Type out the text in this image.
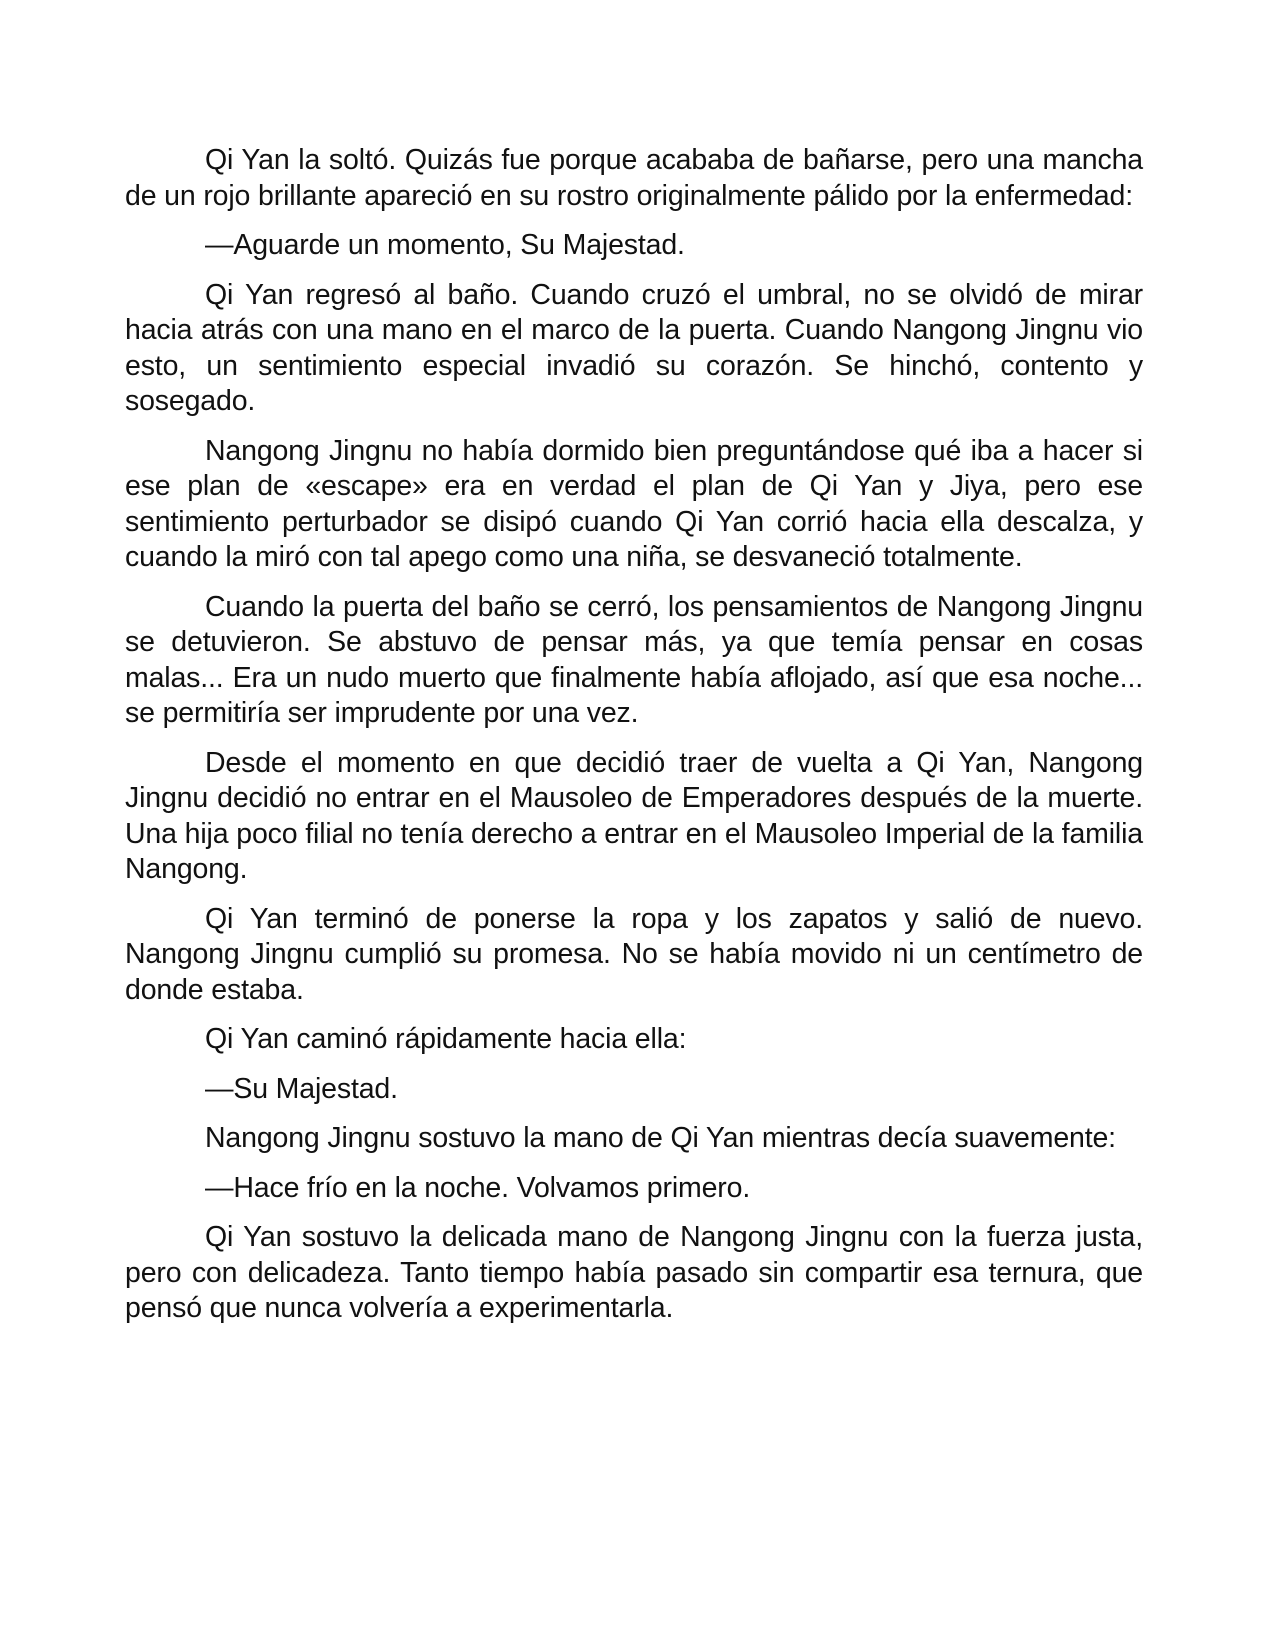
Qi Yan la soltó. Quizás fue porque acababa de bañarse, pero una mancha de un rojo brillante apareció en su rostro originalmente pálido por la enfermedad:

—Aguarde un momento, Su Majestad.

Qi Yan regresó al baño. Cuando cruzó el umbral, no se olvidó de mirar hacia atrás con una mano en el marco de la puerta. Cuando Nangong Jingnu vio esto, un sentimiento especial invadió su corazón. Se hinchó, contento y sosegado.

Nangong Jingnu no había dormido bien preguntándose qué iba a hacer si ese plan de «escape» era en verdad el plan de Qi Yan y Jiya, pero ese sentimiento perturbador se disipó cuando Qi Yan corrió hacia ella descalza, y cuando la miró con tal apego como una niña, se desvaneció totalmente.

Cuando la puerta del baño se cerró, los pensamientos de Nangong Jingnu se detuvieron. Se abstuvo de pensar más, ya que temía pensar en cosas malas... Era un nudo muerto que finalmente había aflojado, así que esa noche... se permitiría ser imprudente por una vez.

Desde el momento en que decidió traer de vuelta a Qi Yan, Nangong Jingnu decidió no entrar en el Mausoleo de Emperadores después de la muerte. Una hija poco filial no tenía derecho a entrar en el Mausoleo Imperial de la familia Nangong.

Qi Yan terminó de ponerse la ropa y los zapatos y salió de nuevo. Nangong Jingnu cumplió su promesa. No se había movido ni un centímetro de donde estaba.

Qi Yan caminó rápidamente hacia ella:

—Su Majestad.

Nangong Jingnu sostuvo la mano de Qi Yan mientras decía suavemente:

—Hace frío en la noche. Volvamos primero.

Qi Yan sostuvo la delicada mano de Nangong Jingnu con la fuerza justa, pero con delicadeza. Tanto tiempo había pasado sin compartir esa ternura, que pensó que nunca volvería a experimentarla.
